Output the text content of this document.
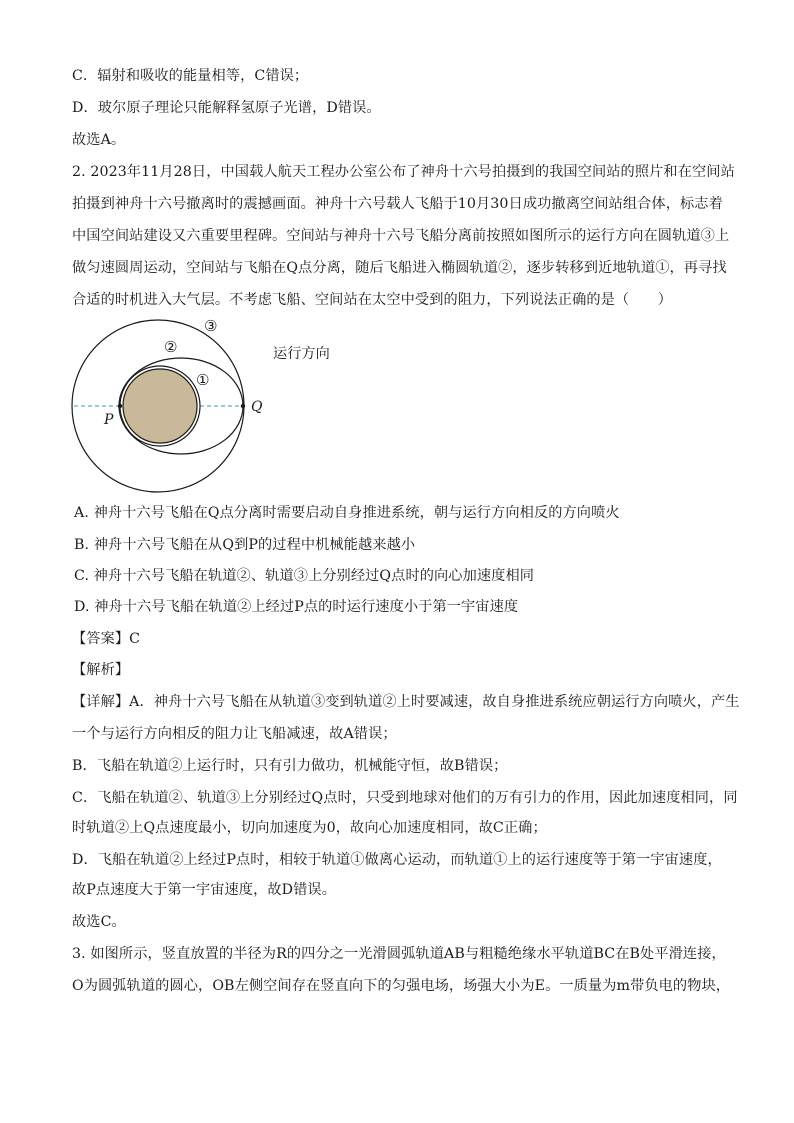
C．辐射和吸收的能量相等，C错误；
D．玻尔原子理论只能解释氢原子光谱，D错误。
故选A。
2. 2023年11月28日，中国载人航天工程办公室公布了神舟十六号拍摄到的我国空间站的照片和在空间站
拍摄到神舟十六号撤离时的震撼画面。神舟十六号载人飞船于10月30日成功撤离空间站组合体，标志着
中国空间站建设又六重要里程碑。空间站与神舟十六号飞船分离前按照如图所示的运行方向在圆轨道③上
做匀速圆周运动，空间站与飞船在Q点分离，随后飞船进入椭圆轨道②，逐步转移到近地轨道①，再寻找
合适的时机进入大气层。不考虑飞船、空间站在太空中受到的阻力，下列说法正确的是（　　）
③
②
①
P
Q
运行方向
A. 神舟十六号飞船在Q点分离时需要启动自身推进系统，朝与运行方向相反的方向喷火
B. 神舟十六号飞船在从Q到P的过程中机械能越来越小
C. 神舟十六号飞船在轨道②、轨道③上分别经过Q点时的向心加速度相同
D. 神舟十六号飞船在轨道②上经过P点的时运行速度小于第一宇宙速度
【答案】C
【解析】
【详解】A．神舟十六号飞船在从轨道③变到轨道②上时要减速，故自身推进系统应朝运行方向喷火，产生
一个与运行方向相反的阻力让飞船减速，故A错误；
B．飞船在轨道②上运行时，只有引力做功，机械能守恒，故B错误；
C．飞船在轨道②、轨道③上分别经过Q点时，只受到地球对他们的万有引力的作用，因此加速度相同，同
时轨道②上Q点速度最小，切向加速度为0，故向心加速度相同，故C正确；
D．飞船在轨道②上经过P点时，相较于轨道①做离心运动，而轨道①上的运行速度等于第一宇宙速度，
故P点速度大于第一宇宙速度，故D错误。
故选C。
3. 如图所示，竖直放置的半径为R的四分之一光滑圆弧轨道AB与粗糙绝缘水平轨道BC在B处平滑连接，
O为圆弧轨道的圆心，OB左侧空间存在竖直向下的匀强电场，场强大小为E。一质量为m带负电的物块，
